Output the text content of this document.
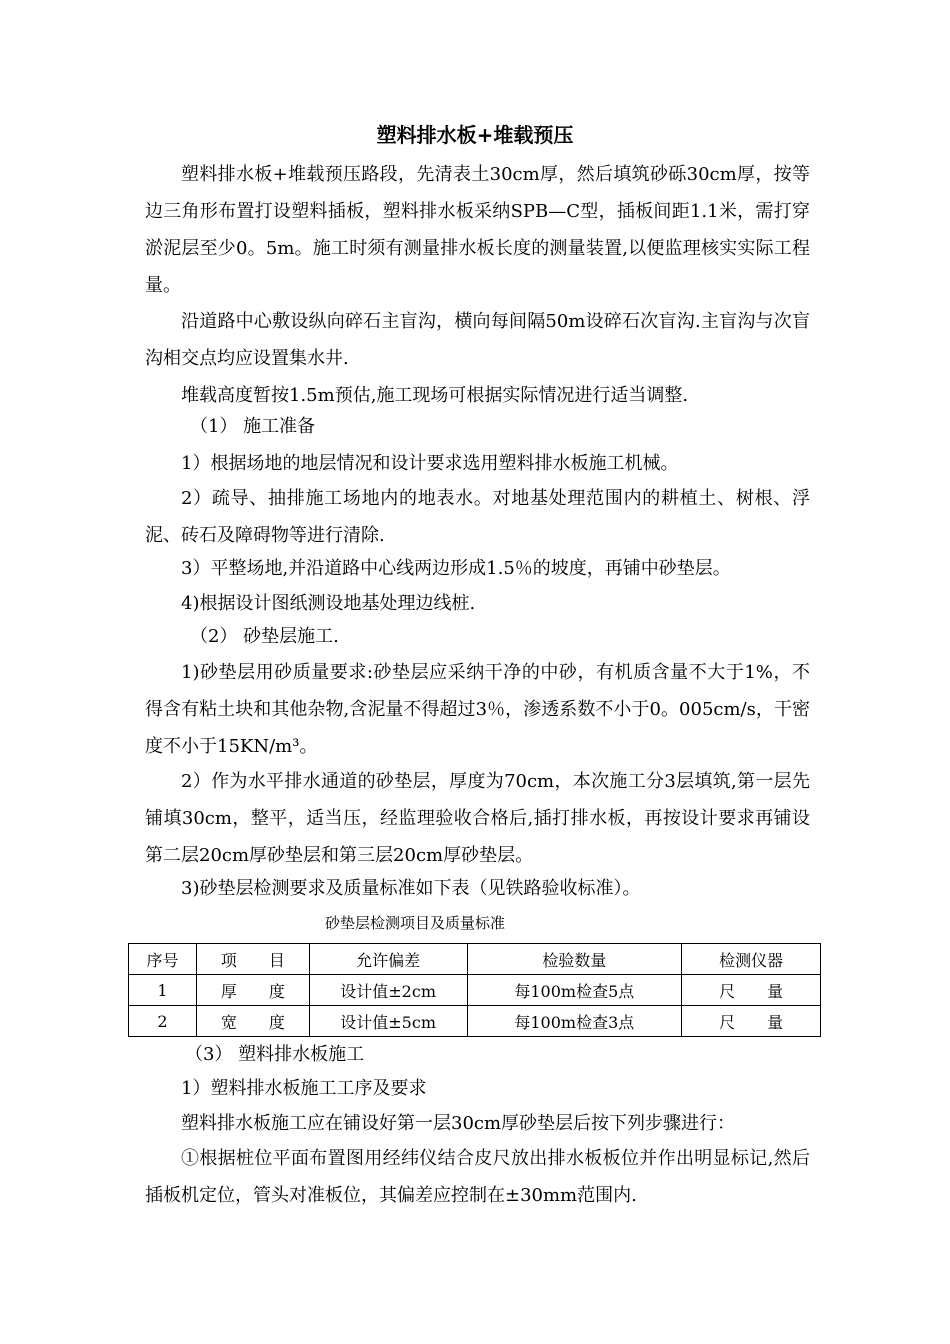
塑料排水板+堆载预压

塑料排水板+堆载预压路段，先清表土30cm厚，然后填筑砂砾30cm厚，按等边三角形布置打设塑料插板，塑料排水板采纳SPB—C型，插板间距1.1米，需打穿淤泥层至少0。5m。施工时须有测量排水板长度的测量装置,以便监理核实实际工程量。

沿道路中心敷设纵向碎石主盲沟，横向每间隔50m设碎石次盲沟.主盲沟与次盲沟相交点均应设置集水井.

堆载高度暂按1.5m预估,施工现场可根据实际情况进行适当调整.

（1） 施工准备

1）根据场地的地层情况和设计要求选用塑料排水板施工机械。

2）疏导、抽排施工场地内的地表水。对地基处理范围内的耕植土、树根、浮泥、砖石及障碍物等进行清除.

3）平整场地,并沿道路中心线两边形成1.5％的坡度，再铺中砂垫层。

4)根据设计图纸测设地基处理边线桩.

（2） 砂垫层施工.

1)砂垫层用砂质量要求:砂垫层应采纳干净的中砂，有机质含量不大于1%，不得含有粘土块和其他杂物,含泥量不得超过3％，渗透系数不小于0。005cm/s，干密度不小于15KN/m³。

2）作为水平排水通道的砂垫层，厚度为70cm，本次施工分3层填筑,第一层先铺填30cm，整平，适当压，经监理验收合格后,插打排水板，再按设计要求再铺设第二层20cm厚砂垫层和第三层20cm厚砂垫层。

3)砂垫层检测要求及质量标准如下表（见铁路验收标准）。

砂垫层检测项目及质量标准
序号	项　　目	允许偏差	检验数量	检测仪器
1	厚　　度	设计值±2cm	每100m检查5点	尺　　量
2	宽　　度	设计值±5cm	每100m检查3点	尺　　量

（3） 塑料排水板施工

1）塑料排水板施工工序及要求

塑料排水板施工应在铺设好第一层30cm厚砂垫层后按下列步骤进行：

①根据桩位平面布置图用经纬仪结合皮尺放出排水板板位并作出明显标记,然后插板机定位，管头对准板位，其偏差应控制在±30mm范围内.
